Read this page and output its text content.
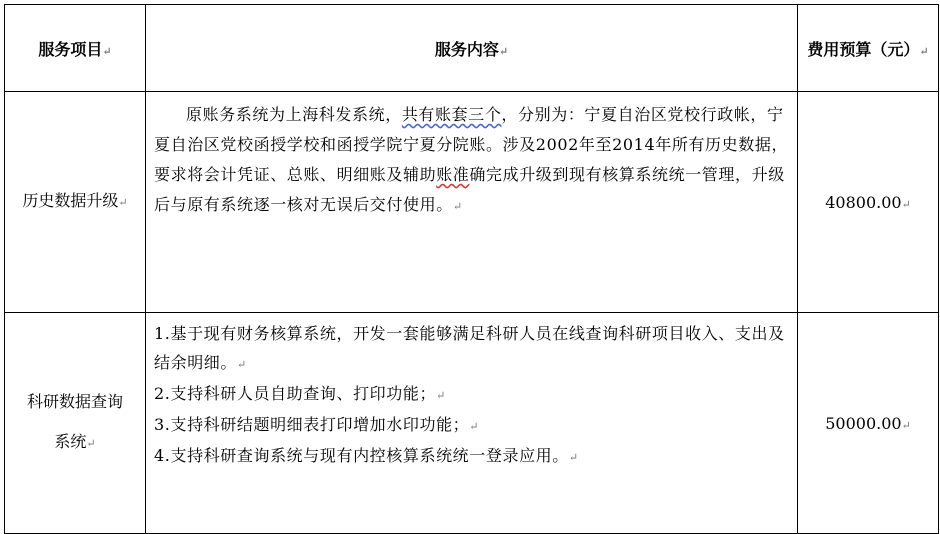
服务项目↵	服务内容↵	费用预算（元）↵
历史数据升级↵	原账务系统为上海科发系统，共有账套三个，分别为：宁夏自治区党校行政帐，宁夏自治区党校函授学校和函授学院宁夏分院账。涉及2002年至2014年所有历史数据，要求将会计凭证、总账、明细账及辅助账准确完成升级到现有核算系统统一管理，升级后与原有系统逐一核对无误后交付使用。↵	40800.00↵

科研数据查询
系统↵	1.基于现有财务核算系统，开发一套能够满足科研人员在线查询科研项目收入、支出及结余明细。↵
2.支持科研人员自助查询、打印功能；↵
3.支持科研结题明细表打印增加水印功能；↵
4.支持科研查询系统与现有内控核算系统统一登录应用。↵	50000.00↵
